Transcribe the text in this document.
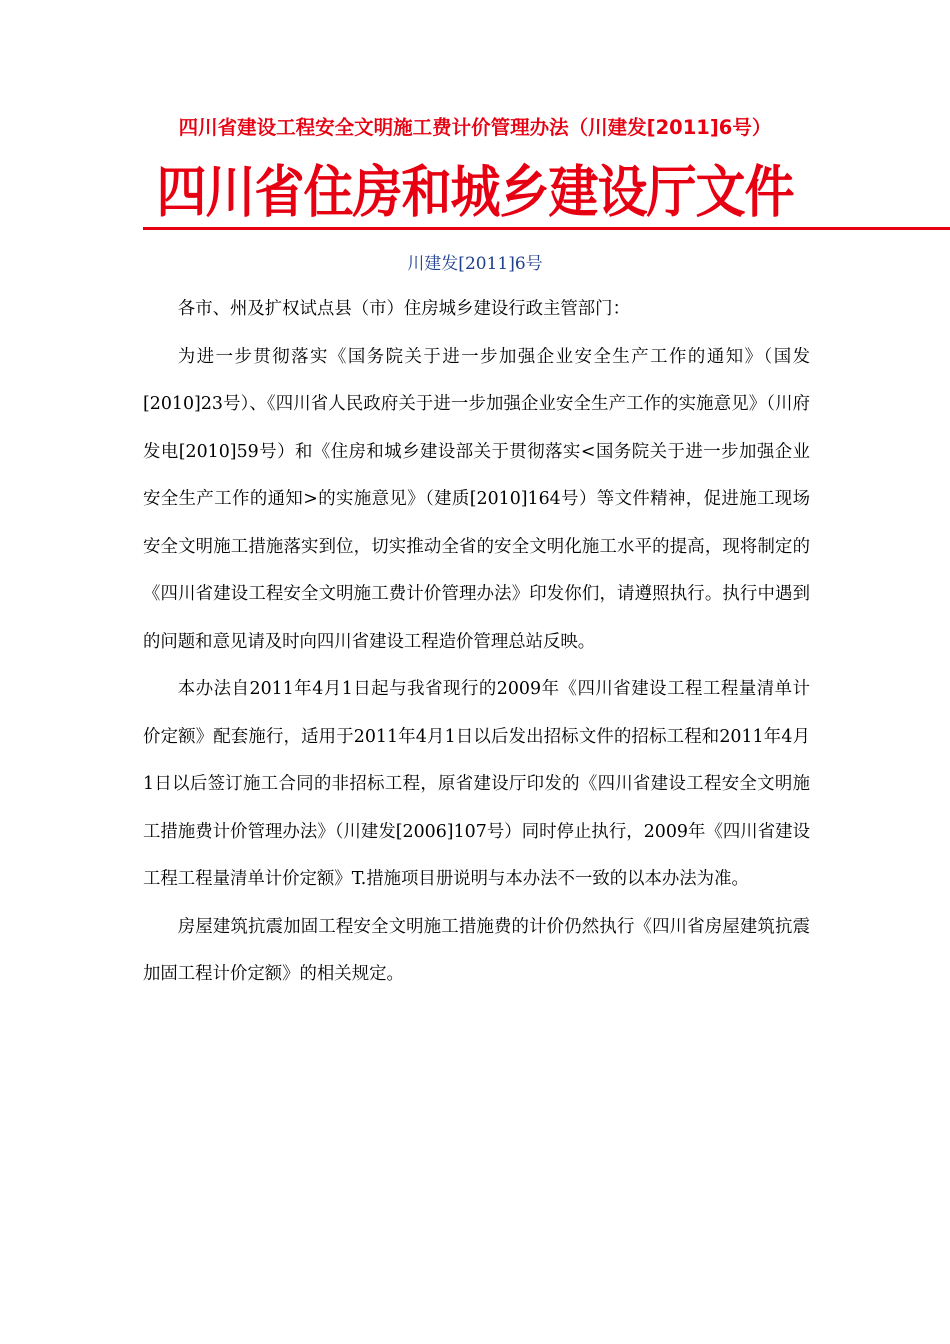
四川省建设工程安全文明施工费计价管理办法（川建发[2011]6号）
四川省住房和城乡建设厅文件
川建发[2011]6号

各市、州及扩权试点县（市）住房城乡建设行政主管部门：

为进一步贯彻落实《国务院关于进一步加强企业安全生产工作的通知》（国发[2010]23号）、《四川省人民政府关于进一步加强企业安全生产工作的实施意见》（川府发电[2010]59号）和《住房和城乡建设部关于贯彻落实<国务院关于进一步加强企业安全生产工作的通知>的实施意见》（建质[2010]164号）等文件精神，促进施工现场安全文明施工措施落实到位，切实推动全省的安全文明化施工水平的提高，现将制定的《四川省建设工程安全文明施工费计价管理办法》印发你们，请遵照执行。执行中遇到的问题和意见请及时向四川省建设工程造价管理总站反映。

本办法自2011年4月1日起与我省现行的2009年《四川省建设工程工程量清单计价定额》配套施行，适用于2011年4月1日以后发出招标文件的招标工程和2011年4月1日以后签订施工合同的非招标工程，原省建设厅印发的《四川省建设工程安全文明施工措施费计价管理办法》（川建发[2006]107号）同时停止执行，2009年《四川省建设工程工程量清单计价定额》T.措施项目册说明与本办法不一致的以本办法为准。

房屋建筑抗震加固工程安全文明施工措施费的计价仍然执行《四川省房屋建筑抗震加固工程计价定额》的相关规定。
